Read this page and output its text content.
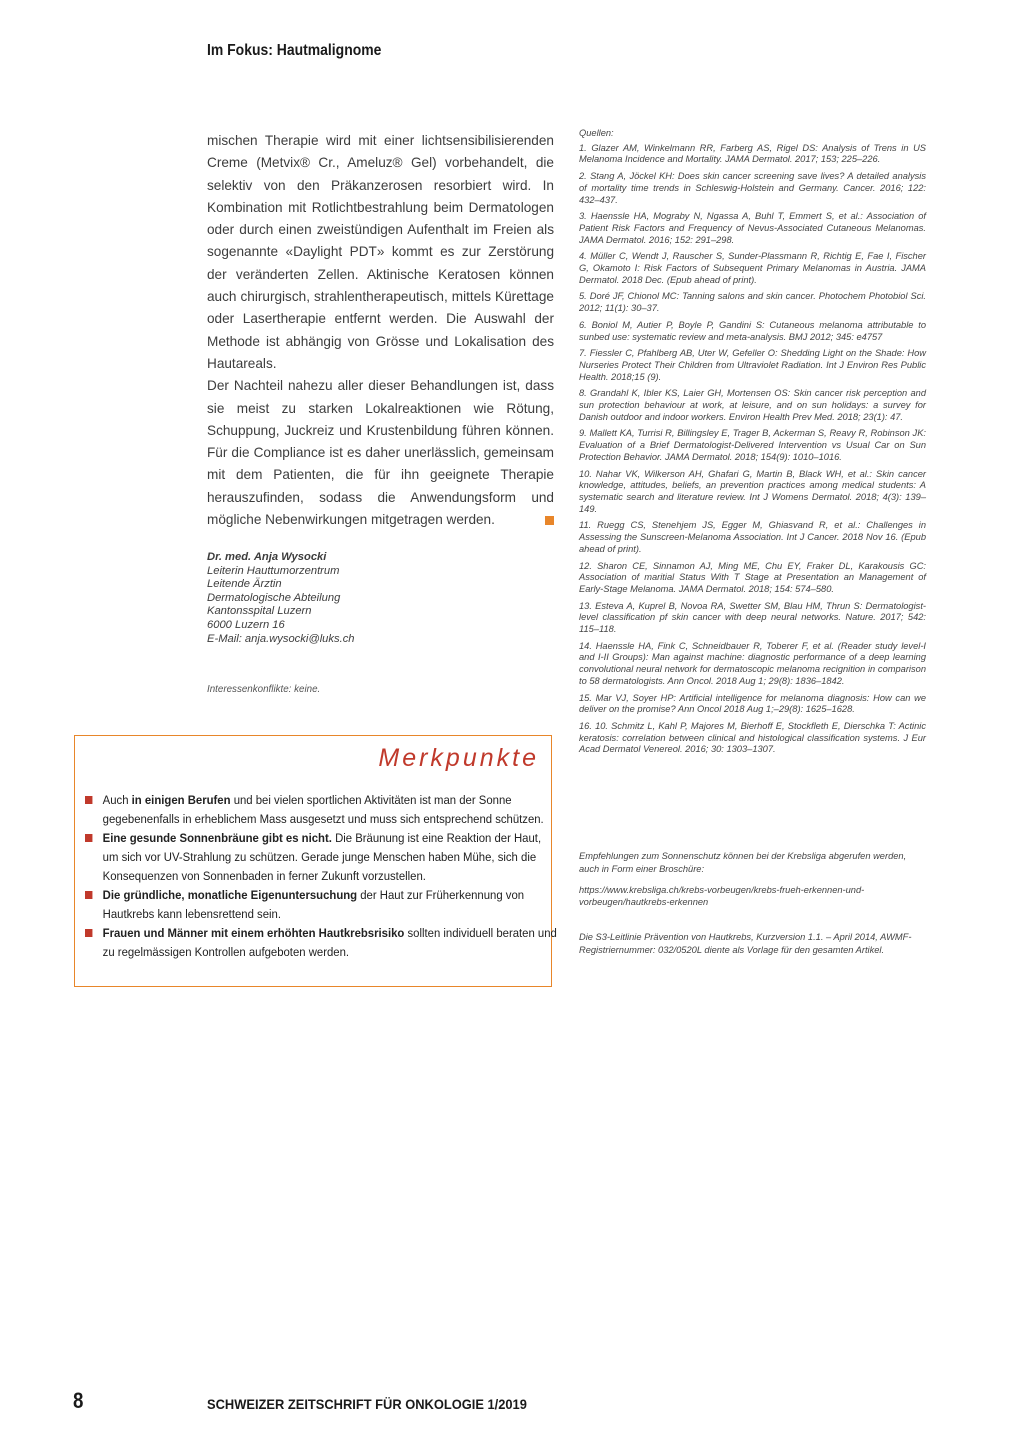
Im Fokus: Hautmalignome

mischen Therapie wird mit einer lichtsensibilisierenden Creme (Metvix® Cr., Ameluz® Gel) vorbehandelt, die selektiv von den Präkanzerosen resorbiert wird. In Kombination mit Rotlichtbestrahlung beim Dermatologen oder durch einen zweistündigen Aufenthalt im Freien als sogenannte «Daylight PDT» kommt es zur Zerstörung der veränderten Zellen. Aktinische Keratosen können auch chirurgisch, strahlentherapeutisch, mittels Kürettage oder Lasertherapie entfernt werden. Die Auswahl der Methode ist abhängig von Grösse und Lokalisation des Hautareals.

Der Nachteil nahezu aller dieser Behandlungen ist, dass sie meist zu starken Lokalreaktionen wie Rötung, Schuppung, Juckreiz und Krustenbildung führen können. Für die Compliance ist es daher unerlässlich, gemeinsam mit dem Patienten, die für ihn geeignete Therapie herauszufinden, sodass die Anwendungsform und mögliche Nebenwirkungen mitgetragen werden.

Dr. med. Anja Wysocki
Leiterin Hauttumorzentrum
Leitende Ärztin
Dermatologische Abteilung
Kantonsspital Luzern
6000 Luzern 16
E-Mail: anja.wysocki@luks.ch
Interessenkonflikte: keine.
Merkpunkte
Auch in einigen Berufen und bei vielen sportlichen Aktivitäten ist man der Sonne gegebenenfalls in erheblichem Mass ausgesetzt und muss sich entsprechend schützen.
Eine gesunde Sonnenbräune gibt es nicht. Die Bräunung ist eine Reaktion der Haut, um sich vor UV-Strahlung zu schützen. Gerade junge Menschen haben Mühe, sich die Konsequenzen von Sonnenbaden in ferner Zukunft vorzustellen.
Die gründliche, monatliche Eigenuntersuchung der Haut zur Früherkennung von Hautkrebs kann lebensrettend sein.
Frauen und Männer mit einem erhöhten Hautkrebsrisiko sollten individuell beraten und zu regelmässigen Kontrollen aufgeboten werden.
Quellen:
1. Glazer AM, Winkelmann RR, Farberg AS, Rigel DS: Analysis of Trens in US Melanoma Incidence and Mortality. JAMA Dermatol. 2017; 153; 225–226.
2. Stang A, Jöckel KH: Does skin cancer screening save lives? A detailed analysis of mortality time trends in Schleswig-Holstein and Germany. Cancer. 2016; 122: 432–437.
3. Haenssle HA, Mograby N, Ngassa A, Buhl T, Emmert S, et al.: Association of Patient Risk Factors and Frequency of Nevus-Associated Cutaneous Melanomas. JAMA Dermatol. 2016; 152: 291–298.
4. Müller C, Wendt J, Rauscher S, Sunder-Plassmann R, Richtig E, Fae I, Fischer G, Okamoto I: Risk Factors of Subsequent Primary Melanomas in Austria. JAMA Dermatol. 2018 Dec. (Epub ahead of print).
5. Doré JF, Chionol MC: Tanning salons and skin cancer. Photochem Photobiol Sci. 2012; 11(1): 30–37.
6. Boniol M, Autier P, Boyle P, Gandini S: Cutaneous melanoma attributable to sunbed use: systematic review and meta-analysis. BMJ 2012; 345: e4757
7. Fiessler C, Pfahlberg AB, Uter W, Gefeller O: Shedding Light on the Shade: How Nurseries Protect Their Children from Ultraviolet Radiation. Int J Environ Res Public Health. 2018;15 (9).
8. Grandahl K, Ibler KS, Laier GH, Mortensen OS: Skin cancer risk perception and sun protection behaviour at work, at leisure, and on sun holidays: a survey for Danish outdoor and indoor workers. Environ Health Prev Med. 2018; 23(1): 47.
9. Mallett KA, Turrisi R, Billingsley E, Trager B, Ackerman S, Reavy R, Robinson JK: Evaluation of a Brief Dermatologist-Delivered Intervention vs Usual Car on Sun Protection Behavior. JAMA Dermatol. 2018; 154(9): 1010–1016.
10. Nahar VK, Wilkerson AH, Ghafari G, Martin B, Black WH, et al.: Skin cancer knowledge, attitudes, beliefs, an prevention practices among medical students: A systematic search and literature review. Int J Womens Dermatol. 2018; 4(3): 139–149.
11. Ruegg CS, Stenehjem JS, Egger M, Ghiasvand R, et al.: Challenges in Assessing the Sunscreen-Melanoma Association. Int J Cancer. 2018 Nov 16. (Epub ahead of print).
12. Sharon CE, Sinnamon AJ, Ming ME, Chu EY, Fraker DL, Karakousis GC: Association of maritial Status With T Stage at Presentation an Management of Early-Stage Melanoma. JAMA Dermatol. 2018; 154: 574–580.
13. Esteva A, Kuprel B, Novoa RA, Swetter SM, Blau HM, Thrun S: Dermatologist-level classification pf skin cancer with deep neural networks. Nature. 2017; 542: 115–118.
14. Haenssle HA, Fink C, Schneidbauer R, Toberer F, et al. (Reader study level-I and I-II Groups): Man against machine: diagnostic performance of a deep learning convolutional neural network for dermatoscopic melanoma recignition in comparison to 58 dermatologists. Ann Oncol. 2018 Aug 1; 29(8): 1836–1842.
15. Mar VJ, Soyer HP: Artificial intelligence for melanoma diagnosis: How can we deliver on the promise? Ann Oncol 2018 Aug 1;–29(8): 1625–1628.
16. 10. Schmitz L, Kahl P, Majores M, Bierhoff E, Stockfleth E, Dierschka T: Actinic keratosis: correlation between clinical and histological classification systems. J Eur Acad Dermatol Venereol. 2016; 30: 1303–1307.

Empfehlungen zum Sonnenschutz können bei der Krebsliga abgerufen werden, auch in Form einer Broschüre:

https://www.krebsliga.ch/krebs-vorbeugen/krebs-frueh-erkennen-und-vorbeugen/hautkrebs-erkennen

Die S3-Leitlinie Prävention von Hautkrebs, Kurzversion 1.1. – April 2014, AWMF-Registriernummer: 032/0520L diente als Vorlage für den gesamten Artikel.

8	SCHWEIZER ZEITSCHRIFT FÜR ONKOLOGIE 1/2019
